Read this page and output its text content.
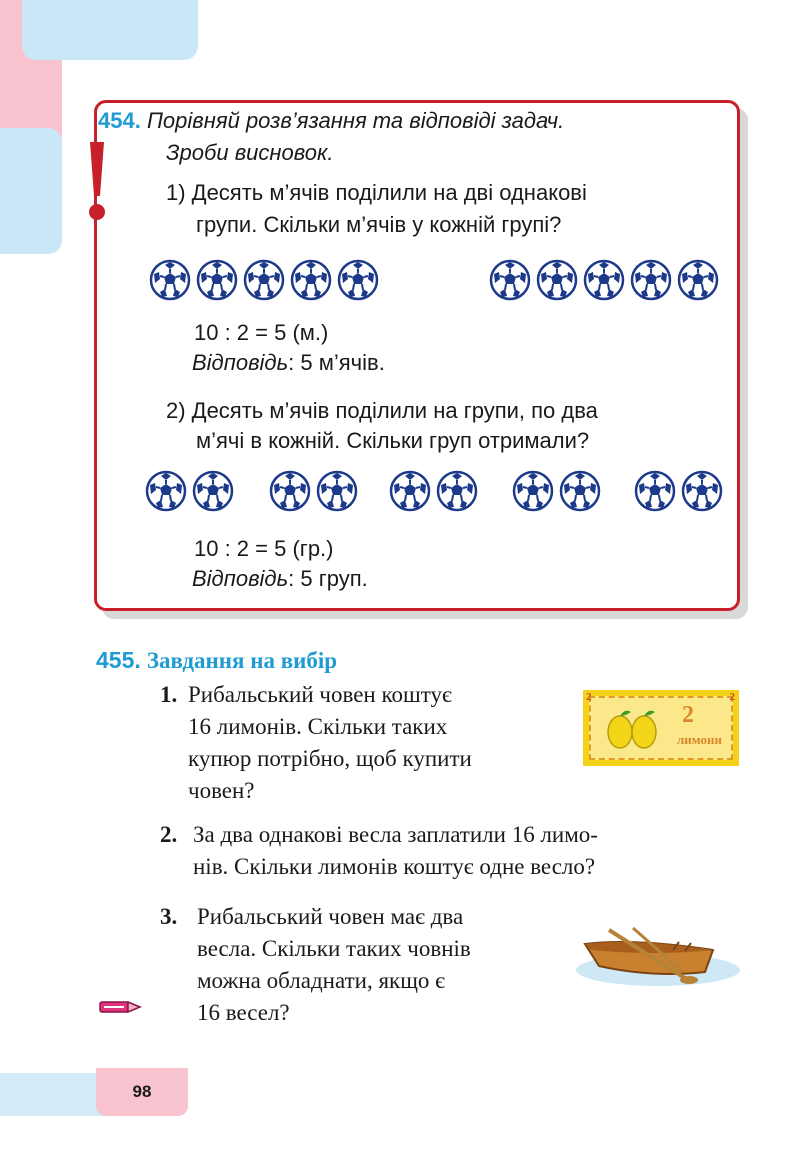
98
454. Порівняй розв’язання та відповіді задач.
Зроби висновок.
1) Десять м’ячів поділили на дві однакові
групи. Скільки м’ячів у кожній групі?
10 : 2 = 5 (м.)
Відповідь: 5 м’ячів.
2) Десять м’ячів поділили на групи, по два
м’ячі в кожній. Скільки груп отримали?
10 : 2 = 5 (гр.)
Відповідь: 5 груп.
455. Завдання на вибір
1. Рибальський човен коштує
16 лимонів. Скільки таких
купюр потрібно, щоб купити
човен?
2	2
2
лимони
2. За два однакові весла заплатили 16 лимо-
нів. Скільки лимонів коштує одне весло?
3. Рибальський човен має два
весла. Скільки таких човнів
можна обладнати, якщо є
16 весел?
